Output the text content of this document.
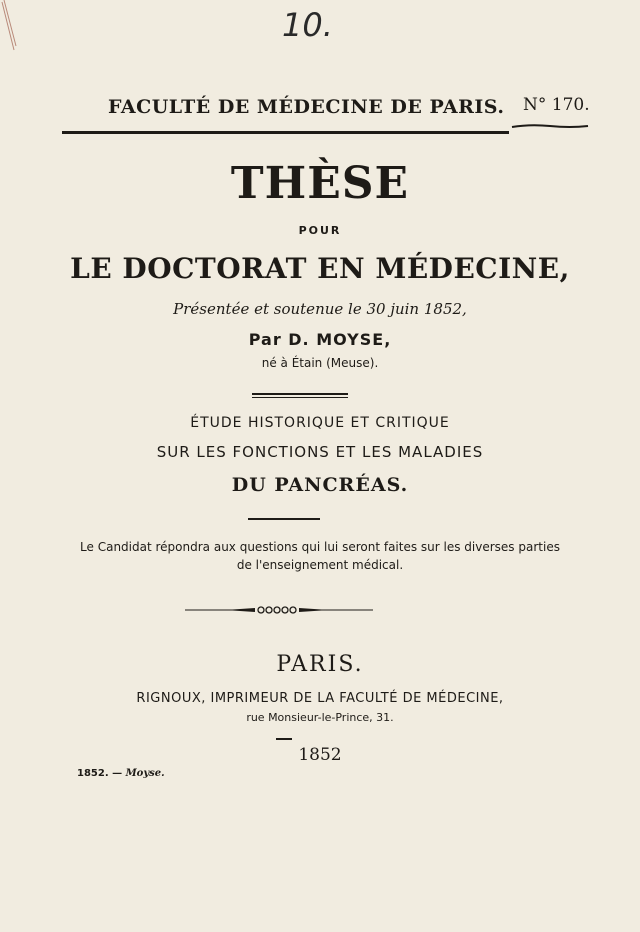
10.
FACULTÉ DE MÉDECINE DE PARIS. N° 170.
THÈSE
POUR
LE DOCTORAT EN MÉDECINE,
Présentée et soutenue le 30 juin 1852,
Par D. MOYSE,
né à Étain (Meuse).
ÉTUDE HISTORIQUE ET CRITIQUE
SUR LES FONCTIONS ET LES MALADIES
DU PANCRÉAS.
Le Candidat répondra aux questions qui lui seront faites sur les diverses parties
de l'enseignement médical.
PARIS.
RIGNOUX, IMPRIMEUR DE LA FACULTÉ DE MÉDECINE,
rue Monsieur-le-Prince, 31.
1852
1852. — Moyse.
